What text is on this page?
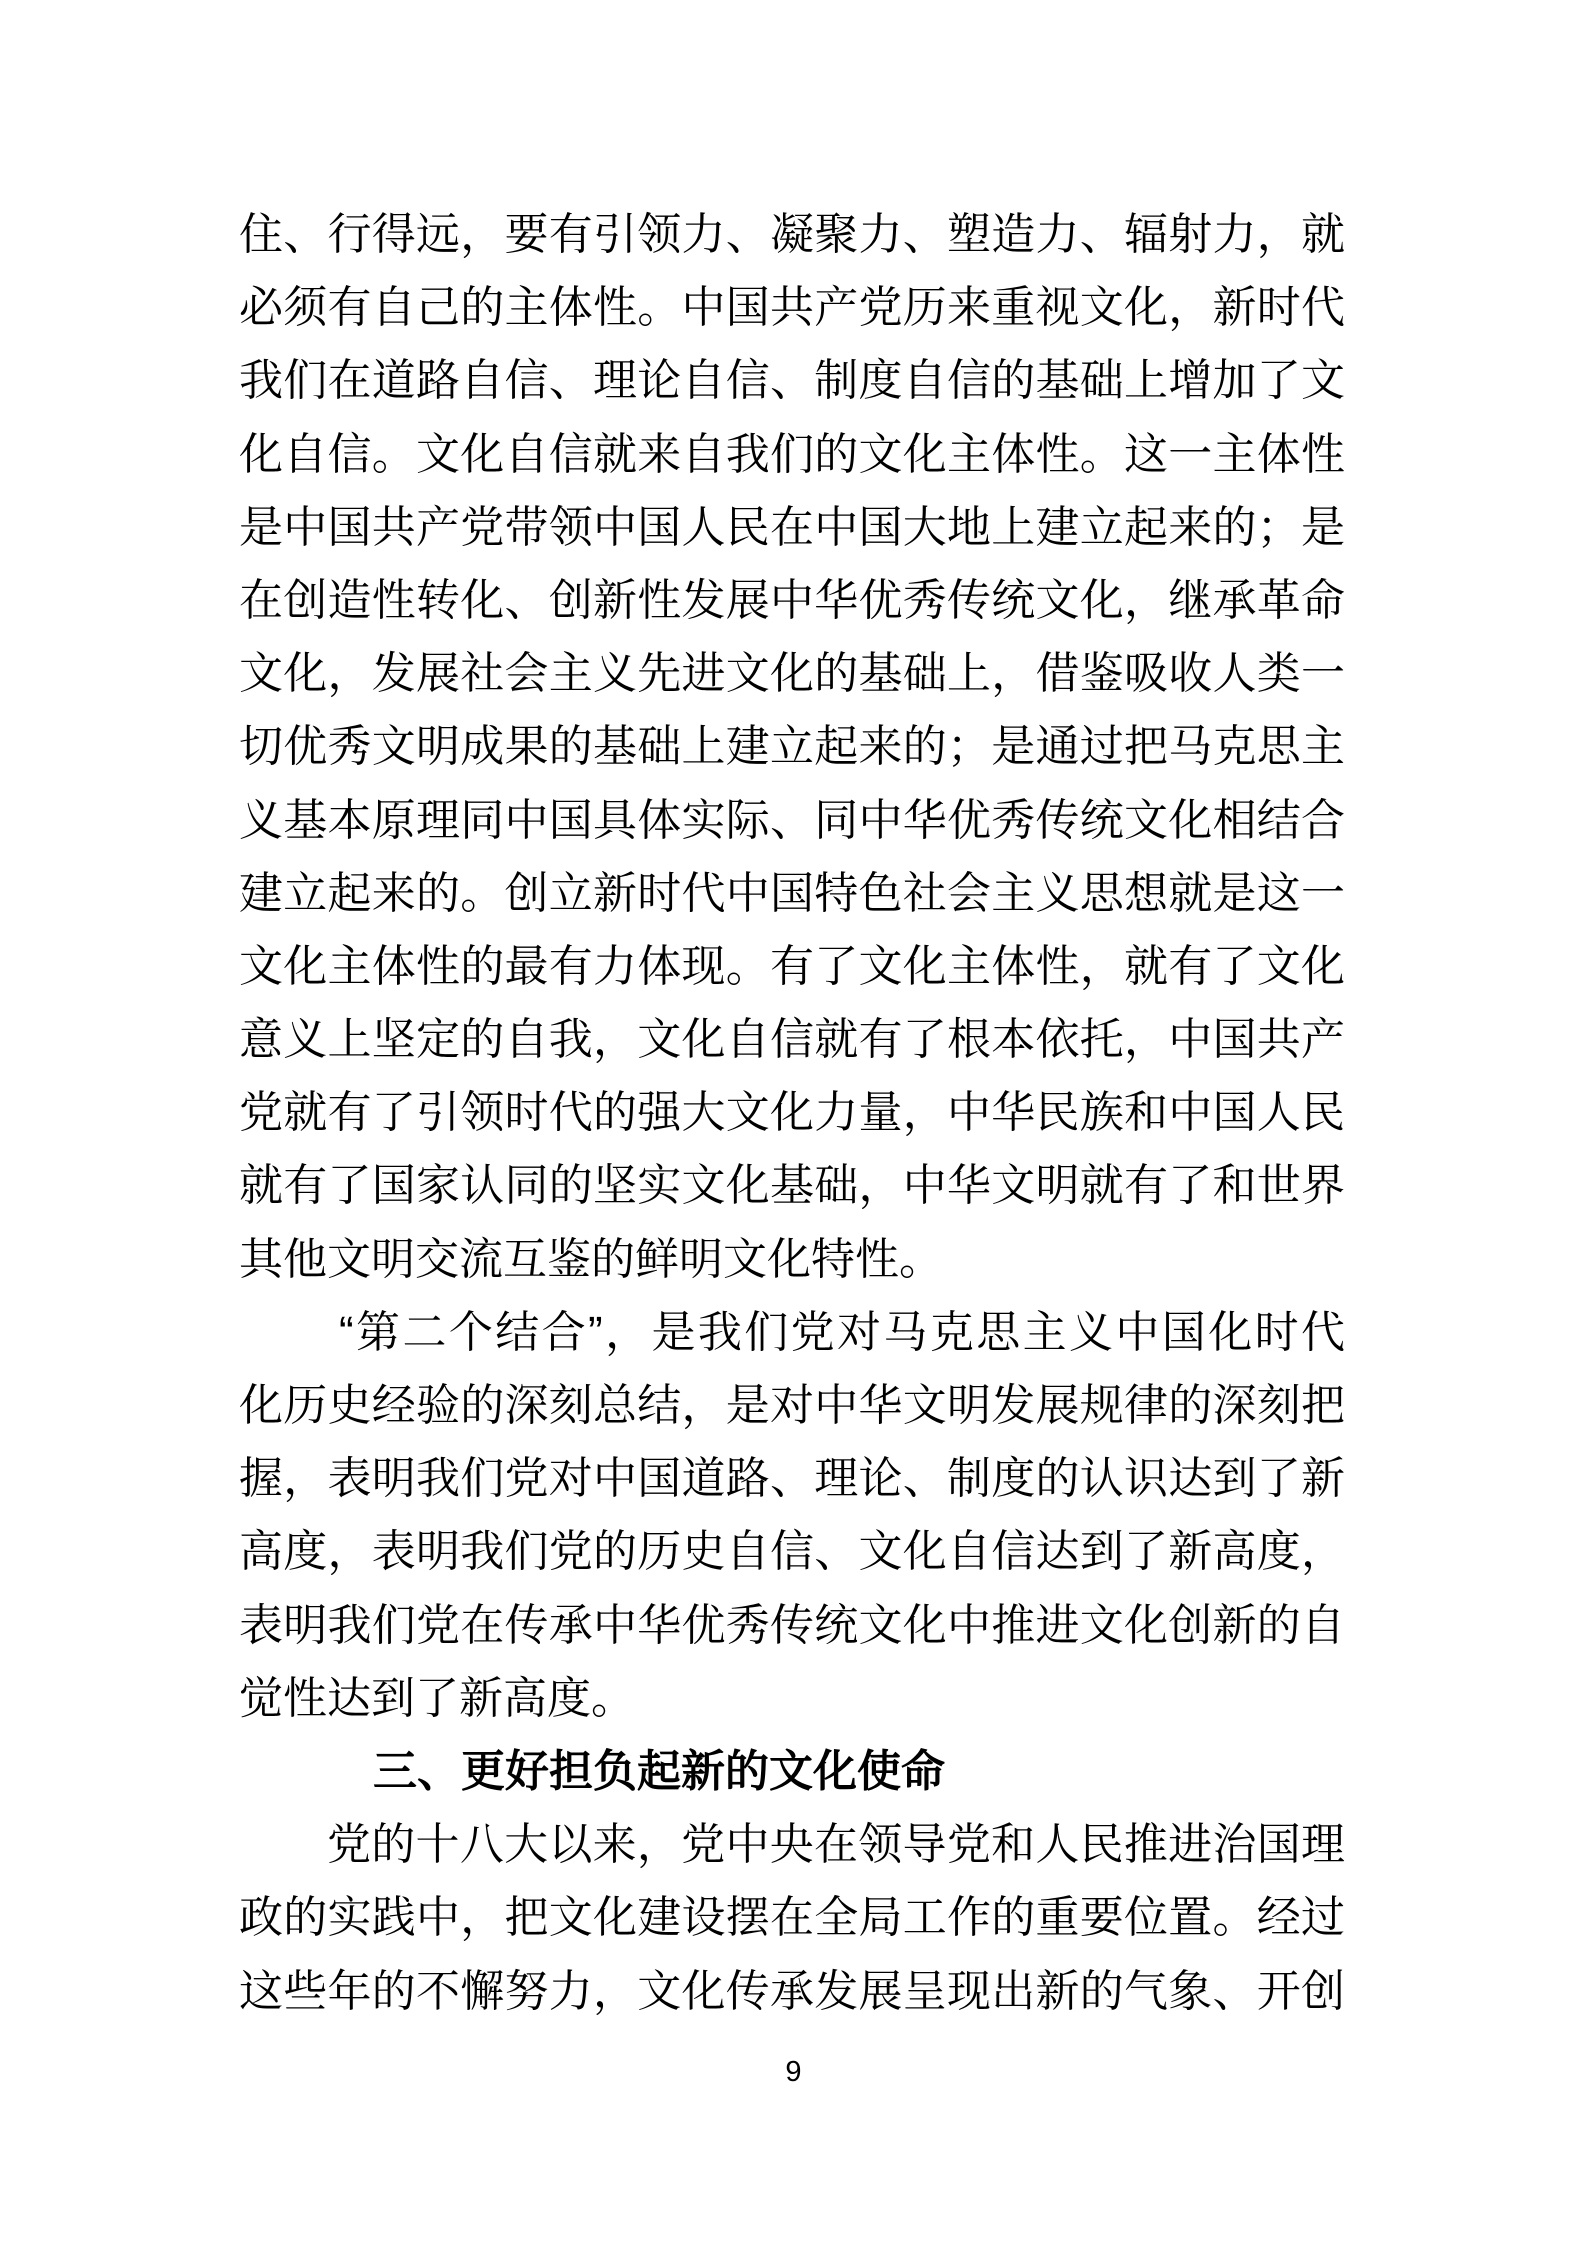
住、行得远，要有引领力、凝聚力、塑造力、辐射力，就
必须有自己的主体性。中国共产党历来重视文化，新时代
我们在道路自信、理论自信、制度自信的基础上增加了文
化自信。文化自信就来自我们的文化主体性。这一主体性
是中国共产党带领中国人民在中国大地上建立起来的；是
在创造性转化、创新性发展中华优秀传统文化，继承革命
文化，发展社会主义先进文化的基础上，借鉴吸收人类一
切优秀文明成果的基础上建立起来的；是通过把马克思主
义基本原理同中国具体实际、同中华优秀传统文化相结合
建立起来的。创立新时代中国特色社会主义思想就是这一
文化主体性的最有力体现。有了文化主体性，就有了文化
意义上坚定的自我，文化自信就有了根本依托，中国共产
党就有了引领时代的强大文化力量，中华民族和中国人民
就有了国家认同的坚实文化基础，中华文明就有了和世界
其他文明交流互鉴的鲜明文化特性。
“第二个结合”，是我们党对马克思主义中国化时代
化历史经验的深刻总结，是对中华文明发展规律的深刻把
握，表明我们党对中国道路、理论、制度的认识达到了新
高度，表明我们党的历史自信、文化自信达到了新高度，
表明我们党在传承中华优秀传统文化中推进文化创新的自
觉性达到了新高度。
三、更好担负起新的文化使命
党的十八大以来，党中央在领导党和人民推进治国理
政的实践中，把文化建设摆在全局工作的重要位置。经过
这些年的不懈努力，文化传承发展呈现出新的气象、开创
9
